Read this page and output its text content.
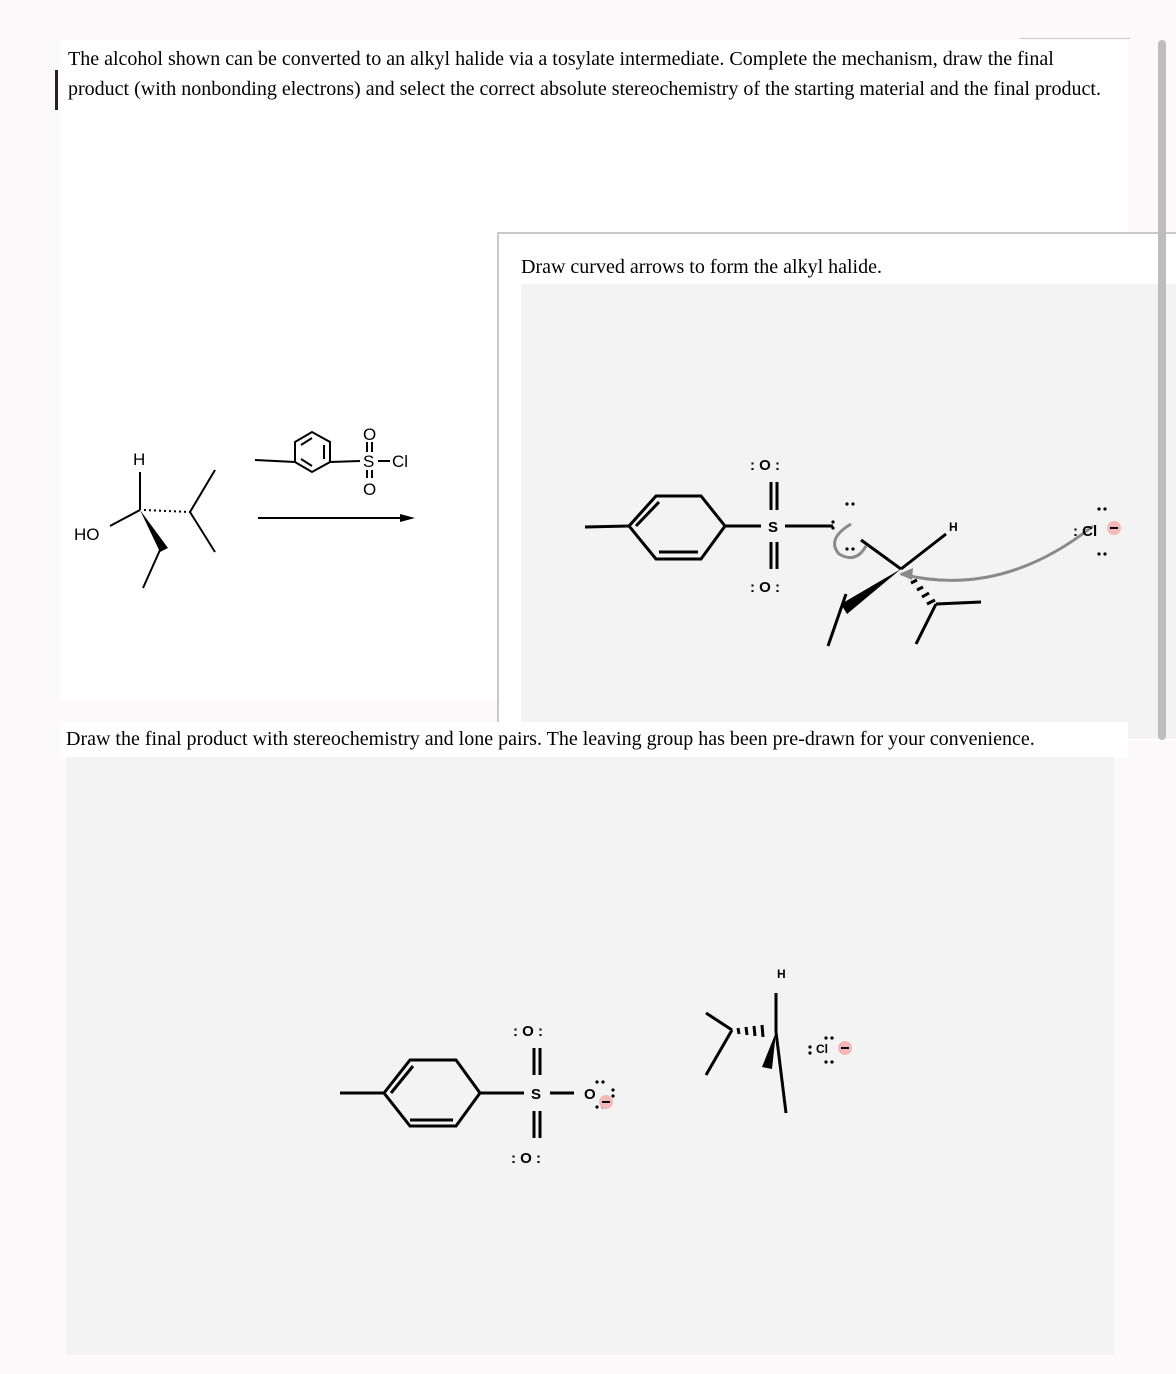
The alcohol shown can be converted to an alkyl halide via a tosylate intermediate. Complete the mechanism, draw the final product (with nonbonding electrons) and select the correct absolute stereochemistry of the starting material and the final product.

O
S Cl
O
H
HO

Draw curved arrows to form the alkyl halide.

: O :
S
: O :
H	: Cl

Draw the final product with stereochemistry and lone pairs. The leaving group has been pre-drawn for your convenience.

: O :
S	O
: O :
H
Cl
